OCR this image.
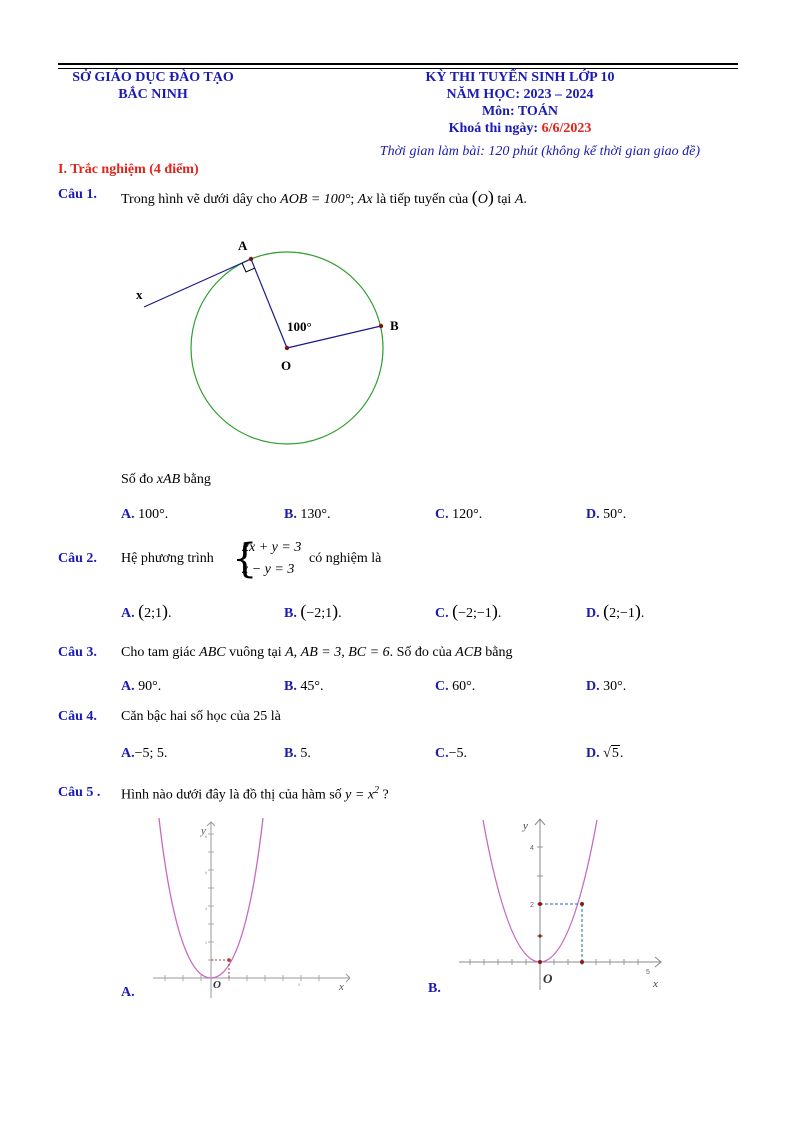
SỞ GIÁO DỤC ĐÀO TẠO
BẮC NINH
KỲ THI TUYỂN SINH LỚP 10
NĂM HỌC: 2023 – 2024
Môn: TOÁN
Khoá thi ngày: 6/6/2023
Thời gian làm bài: 120 phút (không kể thời gian giao đề)
I. Trắc nghiệm (4 điểm)
Câu 1. Trong hình vẽ dưới dây cho AOB = 100°; Ax là tiếp tuyến của (O) tại A.
A
x
100°	B
O
Số đo xAB bằng
A. 100°.	B. 130°.	C. 120°.	D. 50°.
Câu 2. Hệ phương trình {
2x + y = 3
x − y = 3
có nghiệm là
A. (2;1).	B. (−2;1).	C. (−2;−1).	D. (2;−1).
Câu 3. Cho tam giác ABC vuông tại A, AB = 3, BC = 6. Số đo của ACB bằng
A. 90°.	B. 45°.	C. 60°.	D. 30°.
Câu 4. Căn bậc hai số học của 25 là
A.−5; 5.	B. 5.	C.−5.	D. √5.
Câu 5 . Hình nào dưới đây là đồ thị của hàm số $y = x^2$ ?
y
x
O
8
6
4
2
5
A.
y
x
O
4
2
5
B.
